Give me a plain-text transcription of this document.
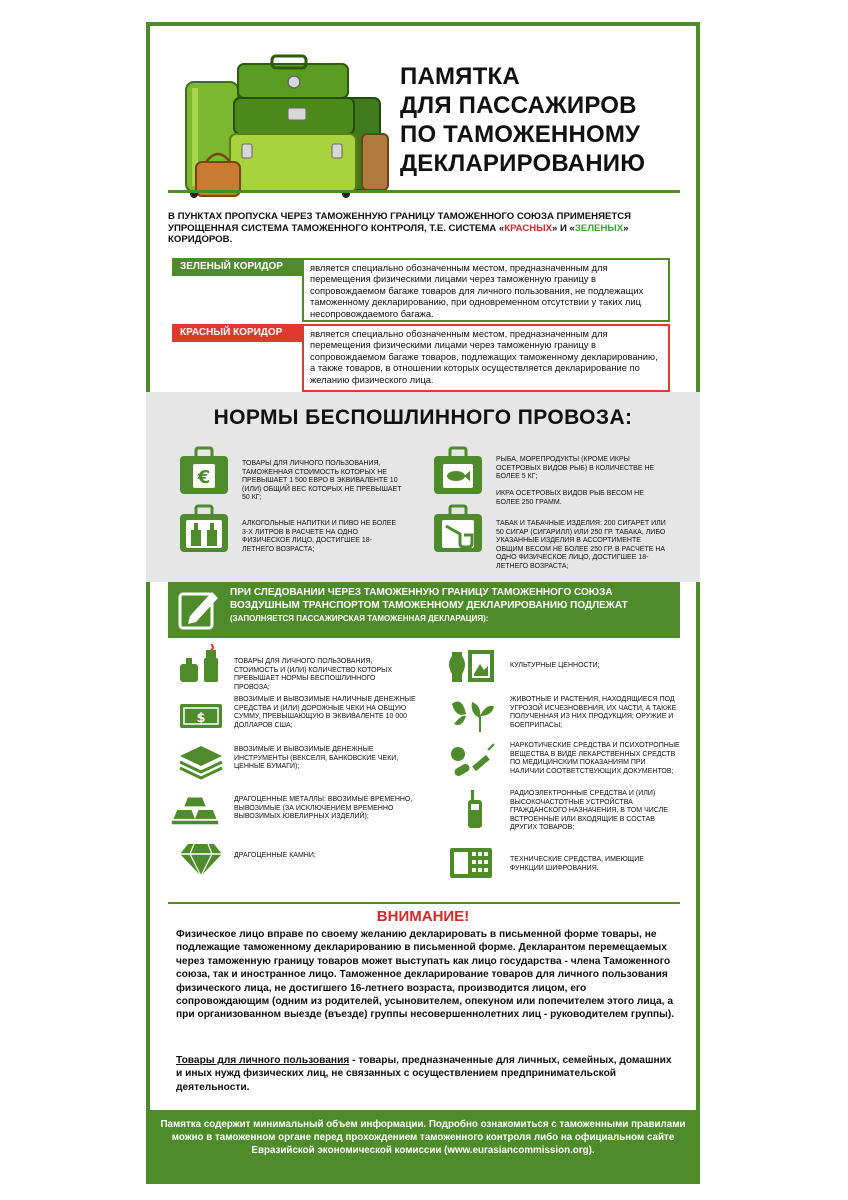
ПАМЯТКА
ДЛЯ ПАССАЖИРОВ
ПО ТАМОЖЕННОМУ
ДЕКЛАРИРОВАНИЮ
В ПУНКТАХ ПРОПУСКА ЧЕРЕЗ ТАМОЖЕННУЮ ГРАНИЦУ ТАМОЖЕННОГО СОЮЗА ПРИМЕНЯЕТСЯ УПРОЩЕННАЯ СИСТЕМА ТАМОЖЕННОГО КОНТРОЛЯ, Т.Е. СИСТЕМА «КРАСНЫХ» И «ЗЕЛЕНЫХ» КОРИДОРОВ.
ЗЕЛЕНЫЙ КОРИДОР	является специально обозначенным местом, предназначенным для перемещения физическими лицами через таможенную границу в сопровождаемом багаже товаров для личного пользования, не подлежащих таможенному декларированию, при одновременном отсутствии у таких лиц несопровождаемого багажа.
КРАСНЫЙ КОРИДОР	является специально обозначенным местом, предназначенным для перемещения физическими лицами через таможенную границу в сопровождаемом багаже товаров, подлежащих таможенному декларированию, а также товаров, в отношении которых осуществляется декларирование по желанию физического лица.
НОРМЫ БЕСПОШЛИННОГО ПРОВОЗА:
€
ТОВАРЫ ДЛЯ ЛИЧНОГО ПОЛЬЗОВАНИЯ, ТАМОЖЕННАЯ СТОИМОСТЬ КОТОРЫХ НЕ ПРЕВЫШАЕТ 1 500 ЕВРО В ЭКВИВАЛЕНТЕ 10 (ИЛИ) ОБЩИЙ ВЕС КОТОРЫХ НЕ ПРЕВЫШАЕТ 50 КГ;
РЫБА, МОРЕПРОДУКТЫ (КРОМЕ ИКРЫ ОСЕТРОВЫХ ВИДОВ РЫБ) В КОЛИЧЕСТВЕ НЕ БОЛЕЕ 5 КГ;
ИКРА ОСЕТРОВЫХ ВИДОВ РЫБ ВЕСОМ НЕ БОЛЕЕ 250 ГРАММ.
АЛКОГОЛЬНЫЕ НАПИТКИ И ПИВО НЕ БОЛЕЕ 3-Х ЛИТРОВ В РАСЧЕТЕ НА ОДНО ФИЗИЧЕСКОЕ ЛИЦО, ДОСТИГШЕЕ 18-ЛЕТНЕГО ВОЗРАСТА;
ТАБАК И ТАБАЧНЫЕ ИЗДЕЛИЯ: 200 СИГАРЕТ ИЛИ 50 СИГАР (СИГАРИЛЛ) ИЛИ 250 ГР. ТАБАКА, ЛИБО УКАЗАННЫЕ ИЗДЕЛИЯ В АССОРТИМЕНТЕ ОБЩИМ ВЕСОМ НЕ БОЛЕЕ 250 ГР. В РАСЧЕТЕ НА ОДНО ФИЗИЧЕСКОЕ ЛИЦО, ДОСТИГШЕЕ 18-ЛЕТНЕГО ВОЗРАСТА;
ПРИ СЛЕДОВАНИИ ЧЕРЕЗ ТАМОЖЕННУЮ ГРАНИЦУ ТАМОЖЕННОГО СОЮЗА ВОЗДУШНЫМ ТРАНСПОРТОМ ТАМОЖЕННОМУ ДЕКЛАРИРОВАНИЮ ПОДЛЕЖАТ
(ЗАПОЛНЯЕТСЯ ПАССАЖИРСКАЯ ТАМОЖЕННАЯ ДЕКЛАРАЦИЯ):
ТОВАРЫ ДЛЯ ЛИЧНОГО ПОЛЬЗОВАНИЯ, СТОИМОСТЬ И (ИЛИ) КОЛИЧЕСТВО КОТОРЫХ ПРЕВЫШАЕТ НОРМЫ БЕСПОШЛИННОГО ПРОВОЗА;
$
ВВОЗИМЫЕ И ВЫВОЗИМЫЕ НАЛИЧНЫЕ ДЕНЕЖНЫЕ СРЕДСТВА И (ИЛИ) ДОРОЖНЫЕ ЧЕКИ НА ОБЩУЮ СУММУ, ПРЕВЫШАЮЩУЮ В ЭКВИВАЛЕНТЕ 10 000 ДОЛЛАРОВ США;
ВВОЗИМЫЕ И ВЫВОЗИМЫЕ ДЕНЕЖНЫЕ ИНСТРУМЕНТЫ (ВЕКСЕЛЯ, БАНКОВСКИЕ ЧЕКИ, ЦЕННЫЕ БУМАГИ);
ДРАГОЦЕННЫЕ МЕТАЛЛЫ: ВВОЗИМЫЕ ВРЕМЕННО, ВЫВОЗИМЫЕ (ЗА ИСКЛЮЧЕНИЕМ ВРЕМЕННО ВЫВОЗИМЫХ ЮВЕЛИРНЫХ ИЗДЕЛИЙ);
ДРАГОЦЕННЫЕ КАМНИ;
КУЛЬТУРНЫЕ ЦЕННОСТИ;
ЖИВОТНЫЕ И РАСТЕНИЯ, НАХОДЯЩИЕСЯ ПОД УГРОЗОЙ ИСЧЕЗНОВЕНИЯ, ИХ ЧАСТИ, А ТАКЖЕ ПОЛУЧЕННАЯ ИЗ НИХ ПРОДУКЦИЯ; ОРУЖИЕ И БОЕПРИПАСЫ;
НАРКОТИЧЕСКИЕ СРЕДСТВА И ПСИХОТРОПНЫЕ ВЕЩЕСТВА В ВИДЕ ЛЕКАРСТВЕННЫХ СРЕДСТВ ПО МЕДИЦИНСКИМ ПОКАЗАНИЯМ ПРИ НАЛИЧИИ СООТВЕТСТВУЮЩИХ ДОКУМЕНТОВ;
РАДИОЭЛЕКТРОННЫЕ СРЕДСТВА И (ИЛИ) ВЫСОКОЧАСТОТНЫЕ УСТРОЙСТВА ГРАЖДАНСКОГО НАЗНАЧЕНИЯ, В ТОМ ЧИСЛЕ ВСТРОЕННЫЕ ИЛИ ВХОДЯЩИЕ В СОСТАВ ДРУГИХ ТОВАРОВ;
ТЕХНИЧЕСКИЕ СРЕДСТВА, ИМЕЮЩИЕ ФУНКЦИИ ШИФРОВАНИЯ.
ВНИМАНИЕ!
Физическое лицо вправе по своему желанию декларировать в письменной форме товары, не подлежащие таможенному декларированию в письменной форме. Декларантом перемещаемых через таможенную границу товаров может выступать как лицо государства - члена Таможенного союза, так и иностранное лицо. Таможенное декларирование товаров для личного пользования физического лица, не достигшего 16-летнего возраста, производится лицом, его сопровождающим (одним из родителей, усыновителем, опекуном или попечителем этого лица, а при организованном выезде (въезде) группы несовершеннолетних лиц - руководителем группы).
Товары для личного пользования - товары, предназначенные для личных, семейных, домашних и иных нужд физических лиц, не связанных с осуществлением предпринимательской деятельности.
Памятка содержит минимальный объем информации. Подробно ознакомиться с таможенными правилами можно в таможенном органе перед прохождением таможенного контроля либо на официальном сайте Евразийской экономической комиссии (www.eurasiancommission.org).
